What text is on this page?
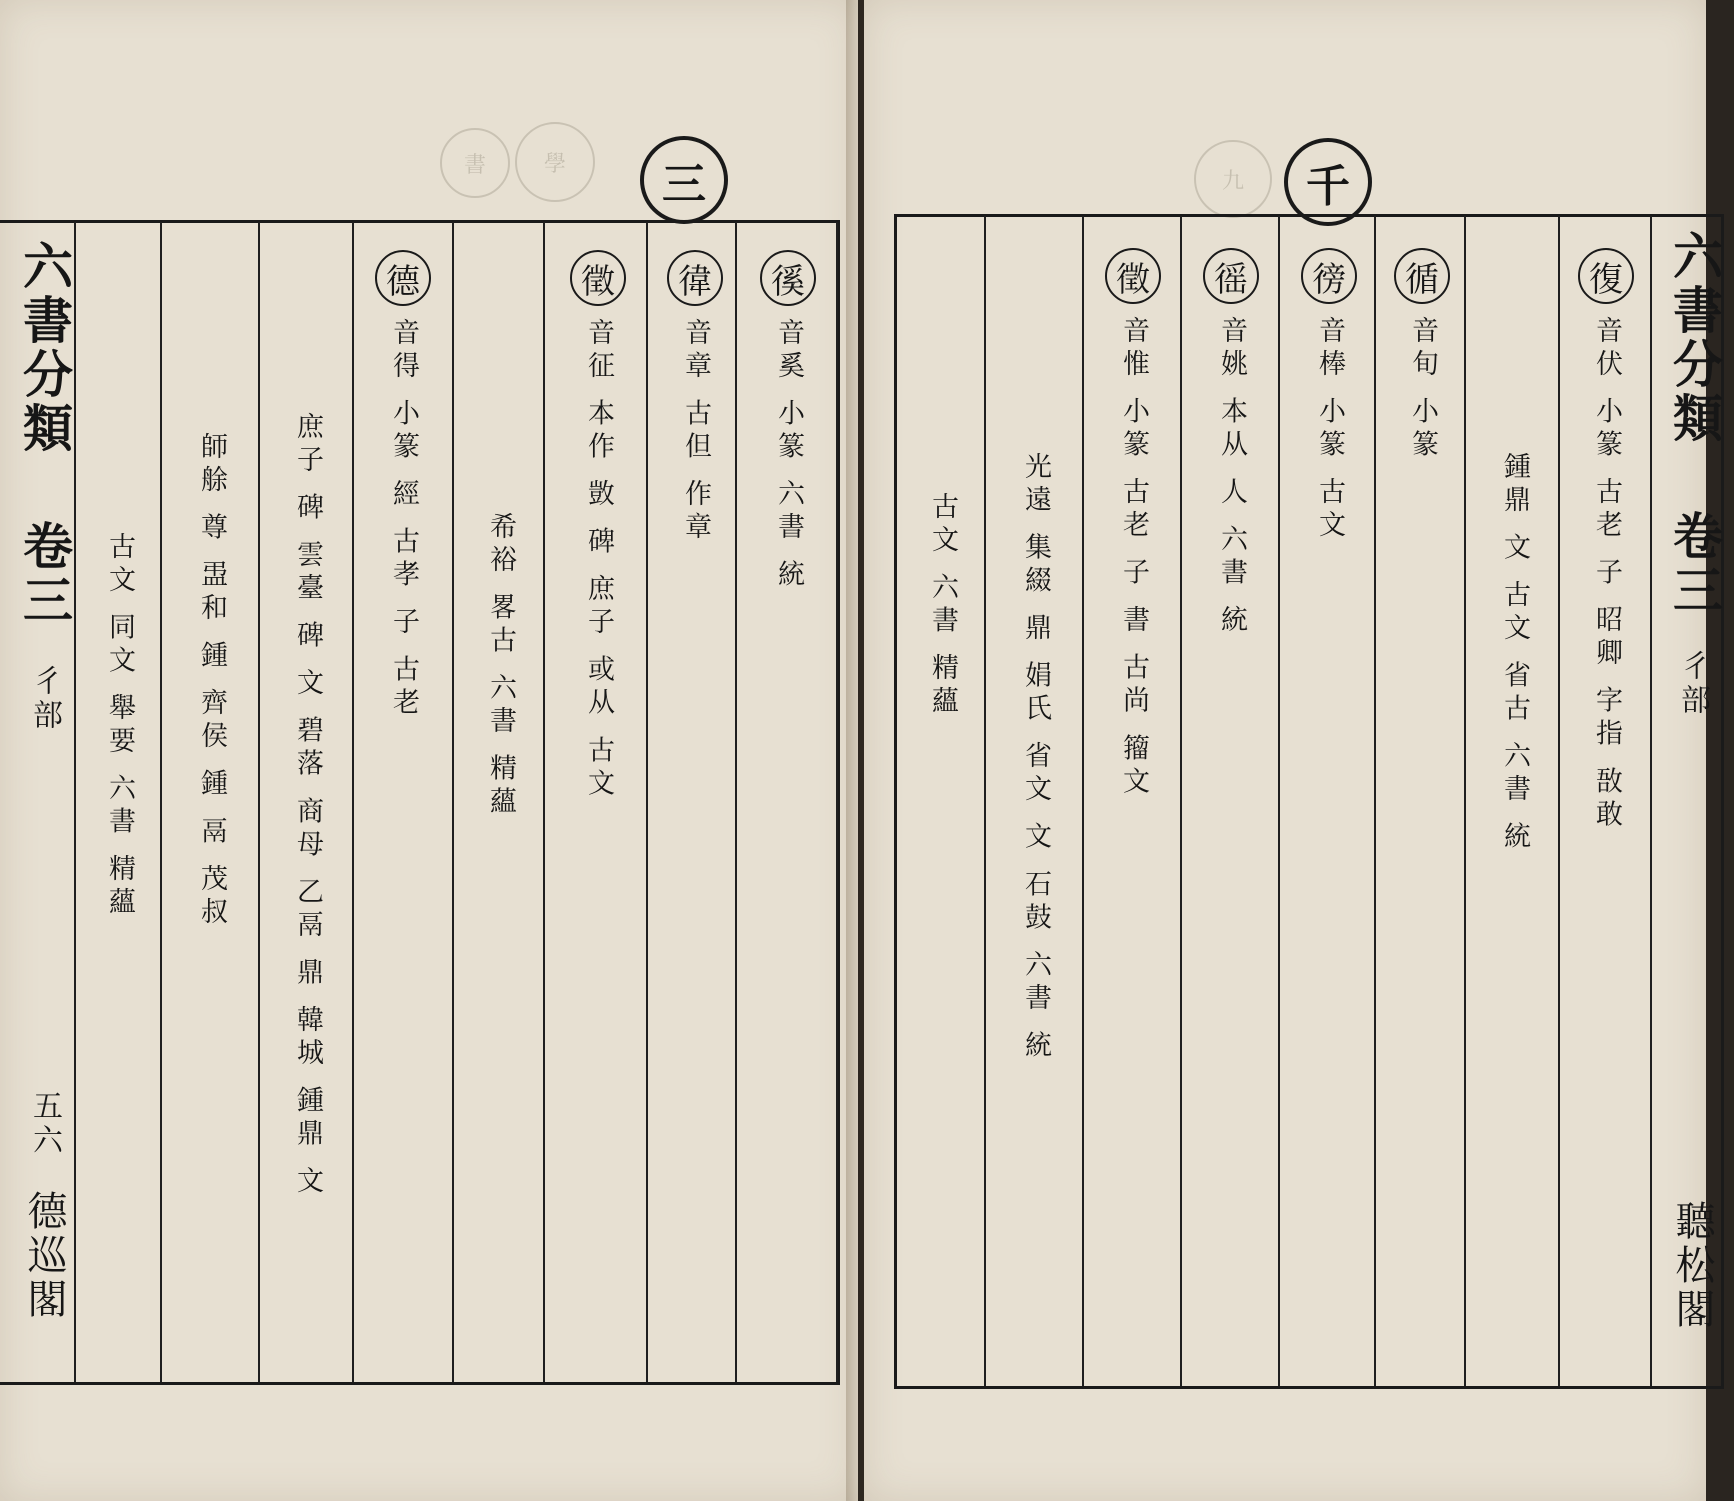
書	學	三
六書分類
卷三
彳部
五六
德巡閣
徯
音奚 小篆 六書 統
徫
音章 古但 作章
徵
音征 本作 敳 碑 庶子 或从 古文
希裕 畧古 六書 精蘊
德
音得 小篆 經 古孝 子 古老
庶子 碑 雲臺 碑 文 碧落 商母 乙鬲 鼎 韓城 鍾鼎 文
師艅 尊 盄和 鍾 齊侯 鍾 鬲 茂叔
古文 同文 舉要 六書 精蘊
九	千
六書分類
卷三
彳部
聽松閣
復
音伏 小篆 古老 子 昭卿 字指 敔敢
鍾鼎 文 古文 省古 六書 統
循
音旬 小篆
徬
音棒 小篆 古文
徭
音姚 本从 人 六書 統
徵
音惟 小篆 古老 子 書 古尚 籀文
光遠 集綴 鼎 娟氏 省文 文 石鼓 六書 統
古文 六書 精蘊
